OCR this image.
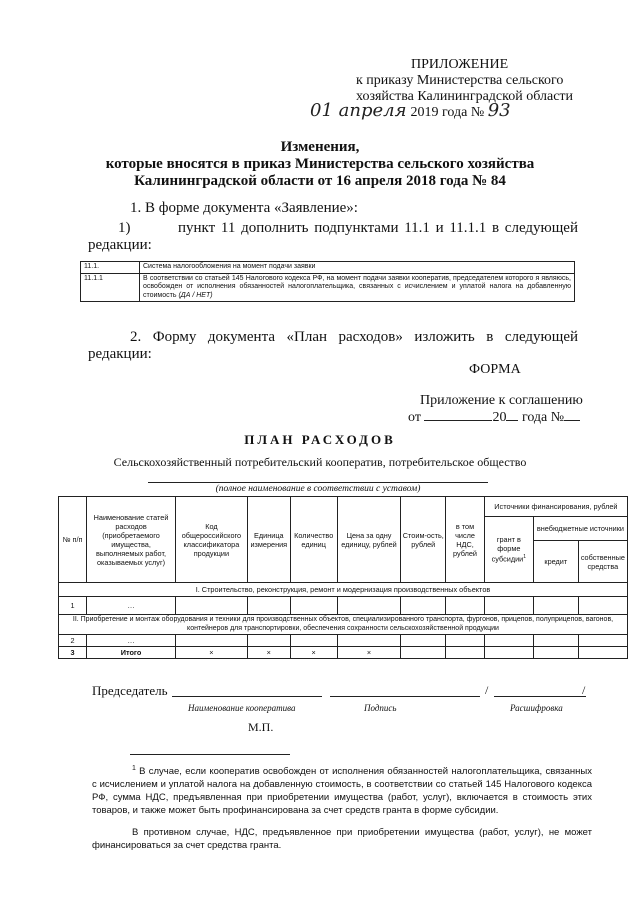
ПРИЛОЖЕНИЕ
к приказу Министерства сельского
хозяйства Калининградской области
01 апреля 2019 года № 93
Изменения,
которые вносятся в приказ Министерства сельского хозяйства
Калининградской области от 16 апреля 2018 года № 84
1. В форме документа «Заявление»:
1)	пункт 11 дополнить подпунктами 11.1 и 11.1.1 в следующей
редакции:
11.1.	Система налогообложения на момент подачи заявки
11.1.1	В соответствии со статьей 145 Налогового кодекса РФ, на момент подачи заявки кооператив, председателем которого я являюсь, освобожден от исполнения обязанностей налогоплательщика, связанных с исчислением и уплатой налога на добавленную стоимость (ДА / НЕТ)
2. Форму документа «План расходов» изложить в следующей
редакции:
ФОРМА
Приложение к соглашению
от	20 года №
ПЛАН РАСХОДОВ
Сельскохозяйственный потребительский кооператив, потребительское общество
(полное наименование в соответствии с уставом)
№ п/п	Наименование статей расходов (приобретаемого имущества, выполняемых работ, оказываемых услуг)	Код общероссийского классификатора продукции	Единица измерения	Количество единиц	Цена за одну единицу, рублей	Стоим-ость, рублей	в том числе НДС, рублей	Источники финансирования, рублей		
								грант в форме субсидии$^1$	внебюджетные источники	
									кредит	собственные средства
I. Строительство, реконструкция, ремонт и модернизация производственных объектов										
1	…									
II. Приобретение и монтаж оборудования и техники для производственных объектов, специализированного транспорта, фургонов, прицепов, полуприцепов, вагонов, контейнеров для транспортировки, обеспечения сохранности сельскохозяйственной продукции										
2	…									
3	Итого	×	×	×	×					
Председатель	/	/
Наименование кооператива	Подпись	Расшифровка
М.П.
$^1$ В случае, если кооператив освобожден от исполнения обязанностей налогоплательщика, связанных с исчислением и уплатой налога на добавленную стоимость, в соответствии со статьей 145 Налогового кодекса РФ, сумма НДС, предъявленная при приобретении имущества (работ, услуг), включается в стоимость этих товаров, и также может быть профинансирована за счет средств гранта в форме субсидии.
В противном случае, НДС, предъявленное при приобретении имущества (работ, услуг), не может финансироваться за счет средства гранта.
